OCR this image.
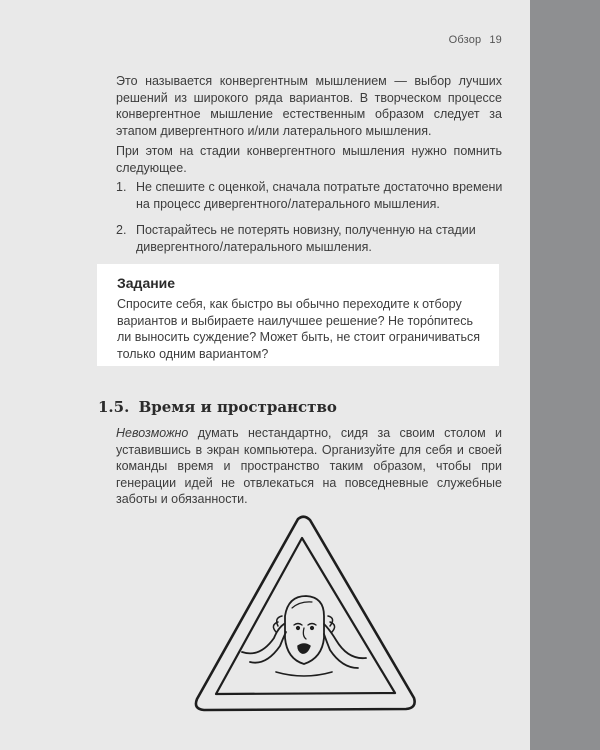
Обзор 19
Это называется конвергентным мышлением — выбор лучших решений из широкого ряда вариантов. В творческом процессе конвергентное мышление естественным образом следует за этапом дивергентного и/или латерального мышления.
При этом на стадии конвергентного мышления нужно помнить следующее.
1. Не спешите с оценкой, сначала потратьте достаточно времени на процесс дивергентного/латерального мышления.
2. Постарайтесь не потерять новизну, полученную на стадии дивергентного/латерального мышления.
Задание
Спросите себя, как быстро вы обычно переходите к отбору вариантов и выбираете наилучшее решение? Не торо́питесь ли выносить суждение? Может быть, не стоит ограничиваться только одним вариантом?
1.5. Время и пространство
Невозможно думать нестандартно, сидя за своим столом и уставившись в экран компьютера. Организуйте для себя и своей команды время и пространство таким образом, чтобы при генерации идей не отвлекаться на повседневные служебные заботы и обязанности.
